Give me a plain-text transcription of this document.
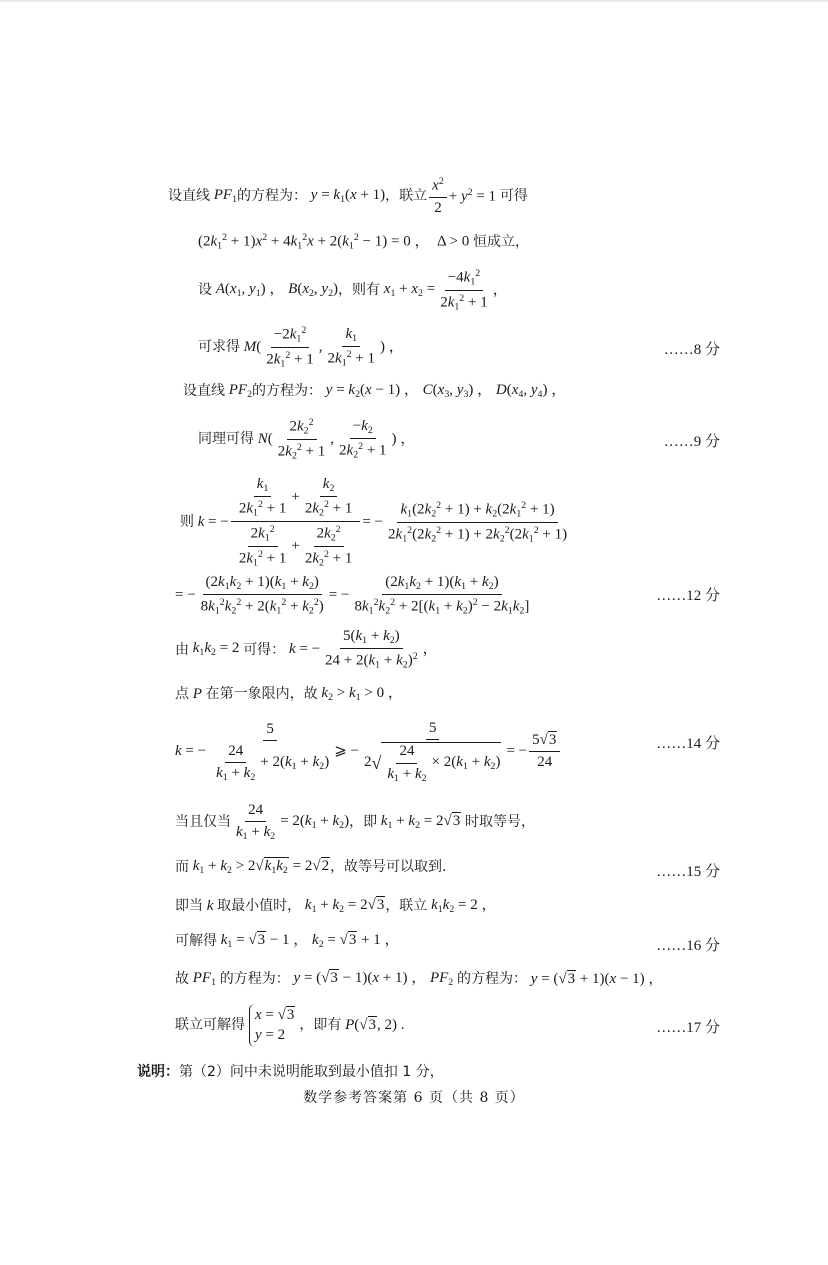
设直线 $PF_1$ 的方程为： $y = k_1(x + 1)$ ，联立 $\frac{x^2}{2} + y^2 = 1$ 可得
$(2k_1^2 + 1)x^2 + 4k_1^2x + 2(k_1^2 - 1) = 0$ ，  Δ > 0 恒成立，
设 $A(x_1$, $y_1$) ， $B(x_2$, $y_2$) ，则有 $x_1 + x_2 = \frac{-4k_1^2}{2k_1^2 + 1}$ ，
可求得 $M( \frac{-2k_1^2}{2k_1^2 + 1}$ , $\frac{k_1}{2k_1^2 + 1}$ ) ，	……8 分
设直线 $PF_2$ 的方程为： $y = k_2(x - 1)$ ， $C(x_3$, $y_3$) ， $D(x_4$, $y_4$) ，
同理可得 $N( \frac{2k_2^2}{2k_2^2 + 1}$ , $\frac{-k_2}{2k_2^2 + 1}$ ) ，	……9 分
则 k = − $\frac{\frac{k_1}{2k_1^2 + 1} + \frac{k_2}{2k_2^2 + 1}}{\frac{2k_1^2}{2k_1^2 + 1} + \frac{2k_2^2}{2k_2^2 + 1}}$ = − $\frac{k_1(2k_2^2 + 1) + k_2(2k_1^2 + 1)}{2k_1^2(2k_2^2 + 1) + 2k_2^2(2k_1^2 + 1)}$
= − $\frac{(2k_1k_2 + 1)(k_1 + k_2)}{8k_1^2k_2^2 + 2(k_1^2 + k_2^2)}$ = − $\frac{(2k_1k_2 + 1)(k_1 + k_2)}{8k_1^2k_2^2 + 2[(k_1 + k_2)^2 - 2k_1k_2]}$	……12 分
由 $k_1k_2 = 2$ 可得： k = − $\frac{5(k_1 + k_2)}{24 + 2(k_1 + k_2)^2}$ ，
点 P 在第一象限内，故 $k_2 > k_1 > 0$ ，
k = − $\frac{5}{\frac{24}{k_1 + k_2} + 2(k_1 + k_2)}$ ⩾ − $\frac{5}{2 √ \frac{24}{k_1 + k_2} \times 2(k_1 + k_2)}$ = − $\frac{5√3}{24}$	……14 分
当且仅当 $\frac{24}{k_1 + k_2} = 2(k_1 + k_2)$ ，即 $k_1 + k_2 = 2√3$ 时取等号，
而 $k_1 + k_2 > 2√k_1k_2 = 2√2$ ，故等号可以取到.	……15 分
即当 k 取最小值时， $k_1 + k_2 = 2√3$ ，联立 $k_1k_2 = 2$ ，
可解得 $k_1 = √3 - 1$ ， $k_2 = √3 + 1$ ，	……16 分
故 $PF_1$ 的方程为： y = (√3 − 1)(x + 1) ， $PF_2$ 的方程为： y = (√3 + 1)(x − 1) ，
联立可解得
x = √3
y = 2
，即有 P(√3, 2) .	……17 分
说明： 第（2）问中未说明能取到最小值扣 1 分，
数学参考答案第 6 页（共 8 页）
